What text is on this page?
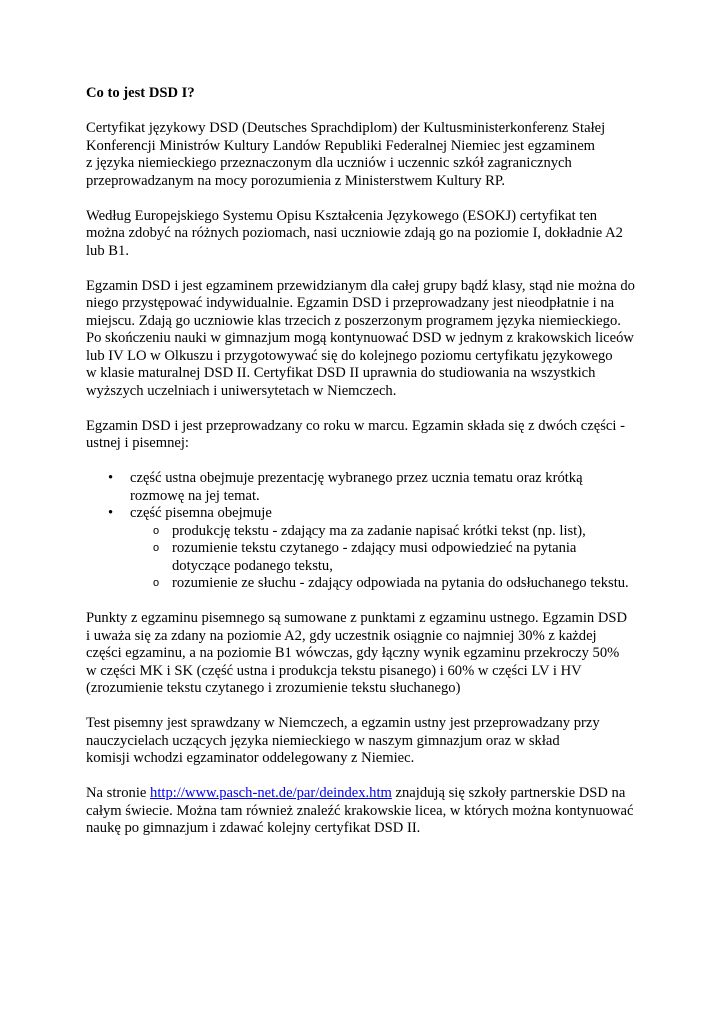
Co to jest DSD I?
Certyfikat językowy DSD (Deutsches Sprachdiplom) der Kultusministerkonferenz Stałej
Konferencji Ministrów Kultury Landów Republiki Federalnej Niemiec jest egzaminem
z języka niemieckiego przeznaczonym dla uczniów i uczennic szkół zagranicznych
przeprowadzanym na mocy porozumienia z Ministerstwem Kultury RP.
Według Europejskiego Systemu Opisu Kształcenia Językowego (ESOKJ) certyfikat ten
można zdobyć na różnych poziomach, nasi uczniowie zdają go na poziomie I, dokładnie A2
lub B1.
Egzamin DSD i jest egzaminem przewidzianym dla całej grupy bądź klasy, stąd nie można do
niego przystępować indywidualnie. Egzamin DSD i przeprowadzany jest nieodpłatnie i na
miejscu. Zdają go uczniowie klas trzecich z poszerzonym programem języka niemieckiego.
Po skończeniu nauki w gimnazjum mogą kontynuować DSD w jednym z krakowskich liceów
lub IV LO w Olkuszu i przygotowywać się do kolejnego poziomu certyfikatu językowego
w klasie maturalnej DSD II. Certyfikat DSD II uprawnia do studiowania na wszystkich
wyższych uczelniach i uniwersytetach w Niemczech.
Egzamin DSD i jest przeprowadzany co roku w marcu. Egzamin składa się z dwóch części -
ustnej i pisemnej:
•	część ustna obejmuje prezentację wybranego przez ucznia tematu oraz krótką
rozmowę na jej temat.
•	część pisemna obejmuje
o produkcję tekstu - zdający ma za zadanie napisać krótki tekst (np. list),
o rozumienie tekstu czytanego - zdający musi odpowiedzieć na pytania
dotyczące podanego tekstu,
o rozumienie ze słuchu - zdający odpowiada na pytania do odsłuchanego tekstu.
Punkty z egzaminu pisemnego są sumowane z punktami z egzaminu ustnego. Egzamin DSD
i uważa się za zdany na poziomie A2, gdy uczestnik osiągnie co najmniej 30% z każdej
części egzaminu, a na poziomie B1 wówczas, gdy łączny wynik egzaminu przekroczy 50%
w części MK i SK (część ustna i produkcja tekstu pisanego) i 60% w części LV i HV
(zrozumienie tekstu czytanego i zrozumienie tekstu słuchanego)
Test pisemny jest sprawdzany w Niemczech, a egzamin ustny jest przeprowadzany przy
nauczycielach uczących języka niemieckiego w naszym gimnazjum oraz w skład
komisji wchodzi egzaminator oddelegowany z Niemiec.
Na stronie http://www.pasch-net.de/par/deindex.htm znajdują się szkoły partnerskie DSD na
całym świecie. Można tam również znaleźć krakowskie licea, w których można kontynuować
naukę po gimnazjum i zdawać kolejny certyfikat DSD II.
